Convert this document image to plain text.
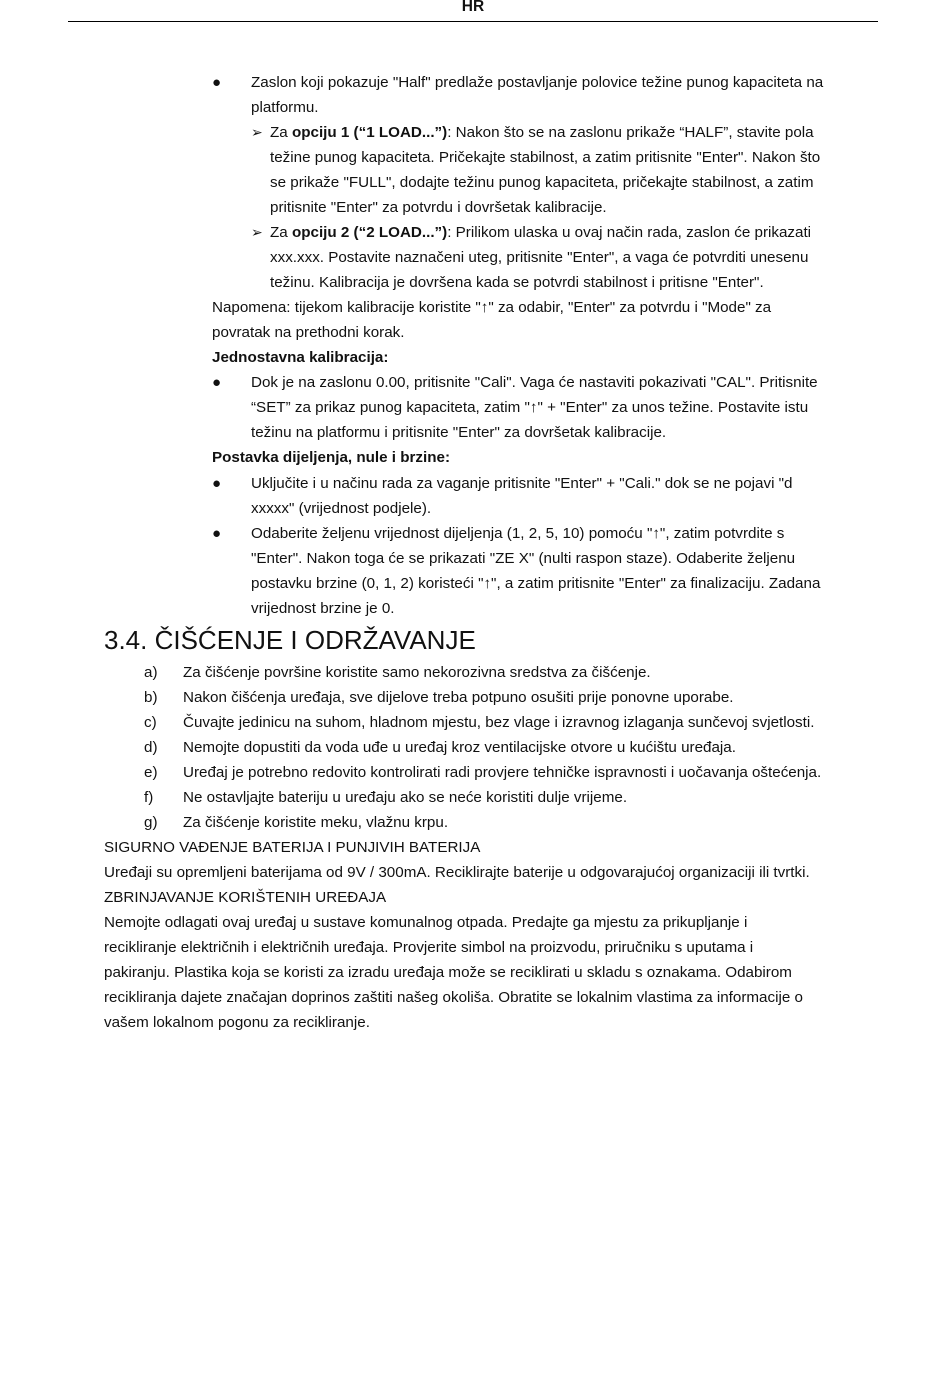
HR
● Zaslon koji pokazuje "Half" predlaže postavljanje polovice težine punog kapaciteta na
platformu.
➢ Za opciju 1 (“1 LOAD...”): Nakon što se na zaslonu prikaže “HALF”, stavite pola
težine punog kapaciteta. Pričekajte stabilnost, a zatim pritisnite "Enter". Nakon što
se prikaže "FULL", dodajte težinu punog kapaciteta, pričekajte stabilnost, a zatim
pritisnite "Enter" za potvrdu i dovršetak kalibracije.
➢ Za opciju 2 (“2 LOAD...”): Prilikom ulaska u ovaj način rada, zaslon će prikazati
xxx.xxx. Postavite naznačeni uteg, pritisnite "Enter", a vaga će potvrditi unesenu
težinu. Kalibracija je dovršena kada se potvrdi stabilnost i pritisne "Enter".
Napomena: tijekom kalibracije koristite "↑" za odabir, "Enter" za potvrdu i "Mode" za
povratak na prethodni korak.
Jednostavna kalibracija:
● Dok je na zaslonu 0.00, pritisnite "Cali". Vaga će nastaviti pokazivati "CAL". Pritisnite
“SET” za prikaz punog kapaciteta, zatim "↑" + "Enter" za unos težine. Postavite istu
težinu na platformu i pritisnite "Enter" za dovršetak kalibracije.
Postavka dijeljenja, nule i brzine:
● Uključite i u načinu rada za vaganje pritisnite "Enter" + "Cali." dok se ne pojavi "d
xxxxx" (vrijednost podjele).
● Odaberite željenu vrijednost dijeljenja (1, 2, 5, 10) pomoću "↑", zatim potvrdite s
"Enter". Nakon toga će se prikazati "ZE X" (nulti raspon staze). Odaberite željenu
postavku brzine (0, 1, 2) koristeći "↑", a zatim pritisnite "Enter" za finalizaciju. Zadana
vrijednost brzine je 0.
3.4. ČIŠĆENJE I ODRŽAVANJE
a) Za čišćenje površine koristite samo nekorozivna sredstva za čišćenje.
b) Nakon čišćenja uređaja, sve dijelove treba potpuno osušiti prije ponovne uporabe.
c) Čuvajte jedinicu na suhom, hladnom mjestu, bez vlage i izravnog izlaganja sunčevoj svjetlosti.
d) Nemojte dopustiti da voda uđe u uređaj kroz ventilacijske otvore u kućištu uređaja.
e) Uređaj je potrebno redovito kontrolirati radi provjere tehničke ispravnosti i uočavanja oštećenja.
f) Ne ostavljajte bateriju u uređaju ako se neće koristiti dulje vrijeme.
g) Za čišćenje koristite meku, vlažnu krpu.
SIGURNO VAĐENJE BATERIJA I PUNJIVIH BATERIJA
Uređaji su opremljeni baterijama od 9V / 300mA. Reciklirajte baterije u odgovarajućoj organizaciji ili tvrtki.
ZBRINJAVANJE KORIŠTENIH UREĐAJA
Nemojte odlagati ovaj uređaj u sustave komunalnog otpada. Predajte ga mjestu za prikupljanje i
recikliranje električnih i električnih uređaja. Provjerite simbol na proizvodu, priručniku s uputama i
pakiranju. Plastika koja se koristi za izradu uređaja može se reciklirati u skladu s oznakama. Odabirom
recikliranja dajete značajan doprinos zaštiti našeg okoliša. Obratite se lokalnim vlastima za informacije o
vašem lokalnom pogonu za recikliranje.
